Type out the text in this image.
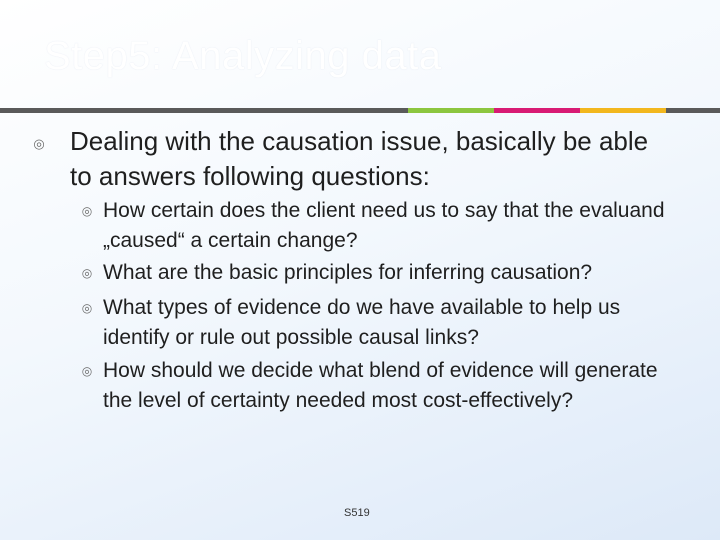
Step5: Analyzing data
◎ Dealing with the causation issue, basically be able to answers following questions:
◎ How certain does the client need us to say that the evaluand „caused“ a certain change?
◎ What are the basic principles for inferring causation?
◎ What types of evidence do we have available to help us identify or rule out possible causal links?
◎ How should we decide what blend of evidence will generate the level of certainty needed most cost-effectively?
S519
